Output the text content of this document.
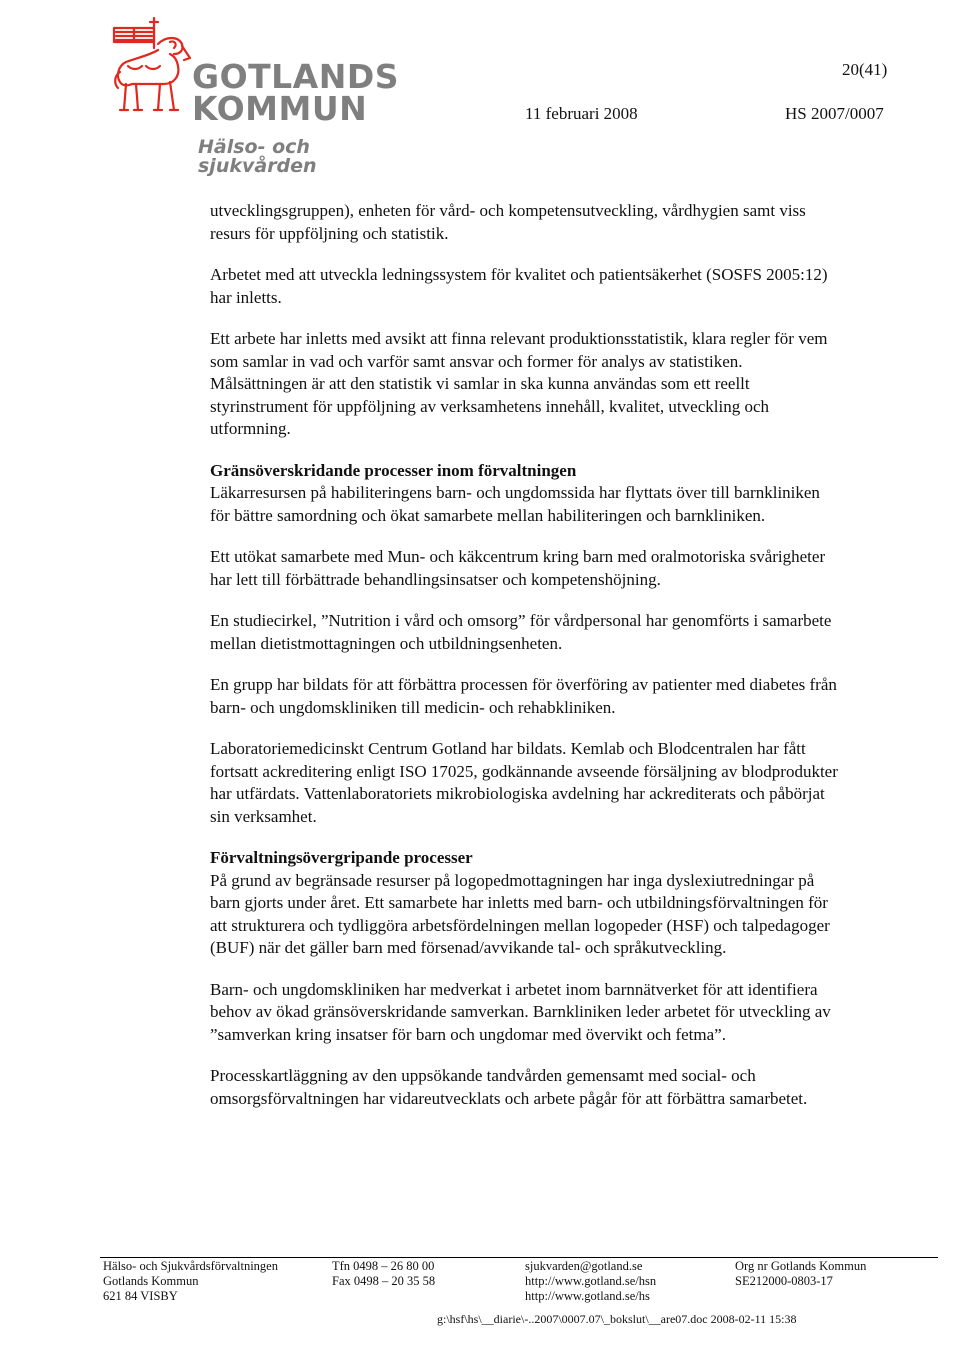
GOTLANDS
KOMMUN
Hälso- och sjukvården
20(41)
11 februari 2008	HS 2007/0007

utvecklingsgruppen), enheten för vård- och kompetensutveckling, vårdhygien samt viss resurs för uppföljning och statistik.

Arbetet med att utveckla ledningssystem för kvalitet och patientsäkerhet (SOSFS 2005:12) har inletts.

Ett arbete har inletts med avsikt att finna relevant produktionsstatistik, klara regler för vem som samlar in vad och varför samt ansvar och former för analys av statistiken. Målsättningen är att den statistik vi samlar in ska kunna användas som ett reellt styrinstrument för uppföljning av verksamhetens innehåll, kvalitet, utveckling och utformning.

Gränsöverskridande processer inom förvaltningen
Läkarresursen på habiliteringens barn- och ungdomssida har flyttats över till barnkliniken för bättre samordning och ökat samarbete mellan habiliteringen och barnkliniken.

Ett utökat samarbete med Mun- och käkcentrum kring barn med oralmotoriska svårigheter har lett till förbättrade behandlingsinsatser och kompetenshöjning.

En studiecirkel, ”Nutrition i vård och omsorg” för vårdpersonal har genomförts i samarbete mellan dietistmottagningen och utbildningsenheten.

En grupp har bildats för att förbättra processen för överföring av patienter med diabetes från barn- och ungdomskliniken till medicin- och rehabkliniken.

Laboratoriemedicinskt Centrum Gotland har bildats. Kemlab och Blodcentralen har fått fortsatt ackreditering enligt ISO 17025, godkännande avseende försäljning av blodprodukter har utfärdats. Vattenlaboratoriets mikrobiologiska avdelning har ackrediterats och påbörjat sin verksamhet.

Förvaltningsövergripande processer
På grund av begränsade resurser på logopedmottagningen har inga dyslexiutredningar på barn gjorts under året. Ett samarbete har inletts med barn- och utbildningsförvaltningen för att strukturera och tydliggöra arbetsfördelningen mellan logopeder (HSF) och talpedagoger (BUF) när det gäller barn med försenad/avvikande tal- och språkutveckling.

Barn- och ungdomskliniken har medverkat i arbetet inom barnnätverket för att identifiera behov av ökad gränsöverskridande samverkan. Barnkliniken leder arbetet för utveckling av ”samverkan kring insatser för barn och ungdomar med övervikt och fetma”.

Processkartläggning av den uppsökande tandvården gemensamt med social- och omsorgsförvaltningen har vidareutvecklats och arbete pågår för att förbättra samarbetet.

Hälso- och Sjukvårdsförvaltningen
Gotlands Kommun
621 84 VISBY
Tfn 0498 – 26 80 00
Fax 0498 – 20 35 58
sjukvarden@gotland.se
http://www.gotland.se/hsn
http://www.gotland.se/hs
Org nr Gotlands Kommun
SE212000-0803-17
g:\hsf\hs\__diarie\-..2007\0007.07\_bokslut\__are07.doc 2008-02-11 15:38
